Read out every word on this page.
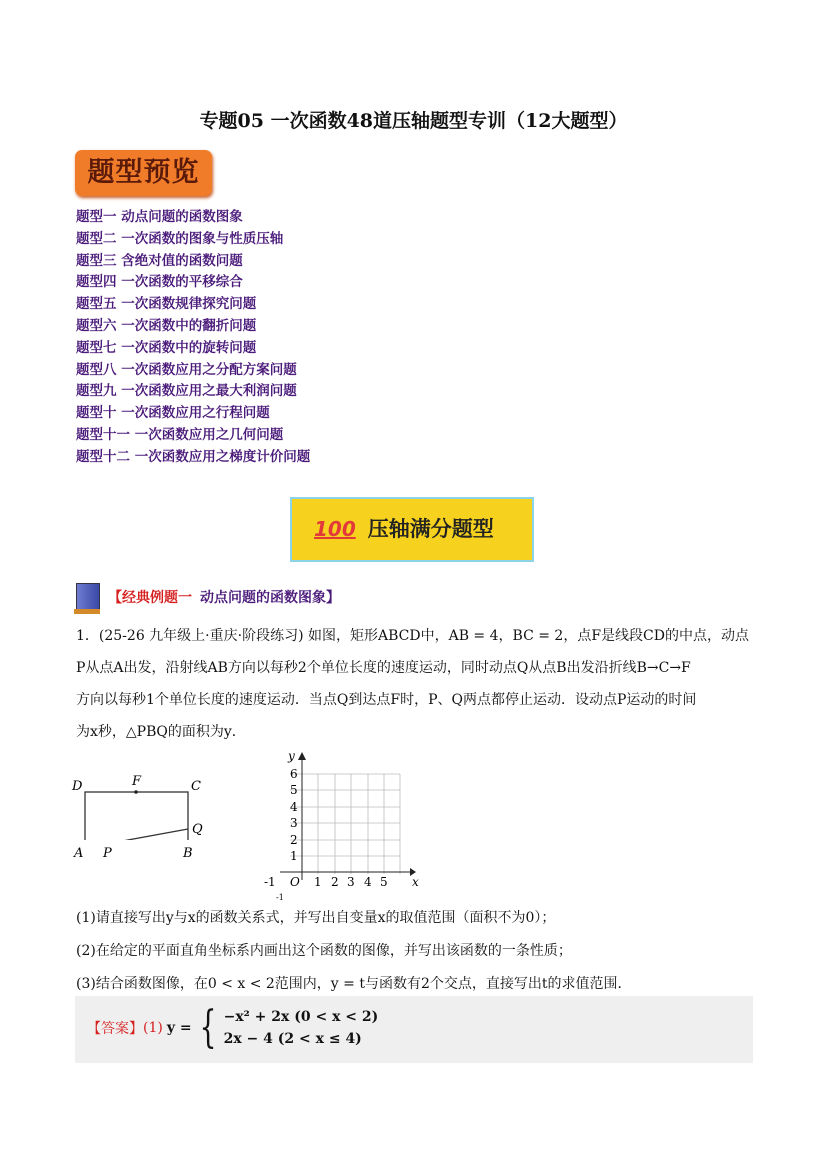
专题05 一次函数48道压轴题型专训（12大题型）
题型预览
题型一 动点问题的函数图象
题型二 一次函数的图象与性质压轴
题型三 含绝对值的函数问题
题型四 一次函数的平移综合
题型五 一次函数规律探究问题
题型六 一次函数中的翻折问题
题型七 一次函数中的旋转问题
题型八 一次函数应用之分配方案问题
题型九 一次函数应用之最大利润问题
题型十 一次函数应用之行程问题
题型十一 一次函数应用之几何问题
题型十二 一次函数应用之梯度计价问题
100 压轴满分题型
【经典例题一 动点问题的函数图象】
1．(25-26 九年级上·重庆·阶段练习) 如图，矩形ABCD中，AB = 4，BC = 2，点F是线段CD的中点，动点
P从点A出发，沿射线AB方向以每秒2个单位长度的速度运动，同时动点Q从点B出发沿折线B→C→F
方向以每秒1个单位长度的速度运动．当点Q到达点F时，P、Q两点都停止运动．设动点P运动的时间
为x秒，△PBQ的面积为y．
D	F	C
Q
A P	B
y
6
5
4
3
2
1
-1 O 1 2 3 4 5 x
-1
(1)请直接写出y与x的函数关系式，并写出自变量x的取值范围（面积不为0）；
(2)在给定的平面直角坐标系内画出这个函数的图像，并写出该函数的一条性质；
(3)结合函数图像，在0 < x < 2范围内，y = t与函数有2个交点，直接写出t的求值范围．
【答案】 (1) y = { −x² + 2x (0 < x < 2)
2x − 4 (2 < x ≤ 4)
